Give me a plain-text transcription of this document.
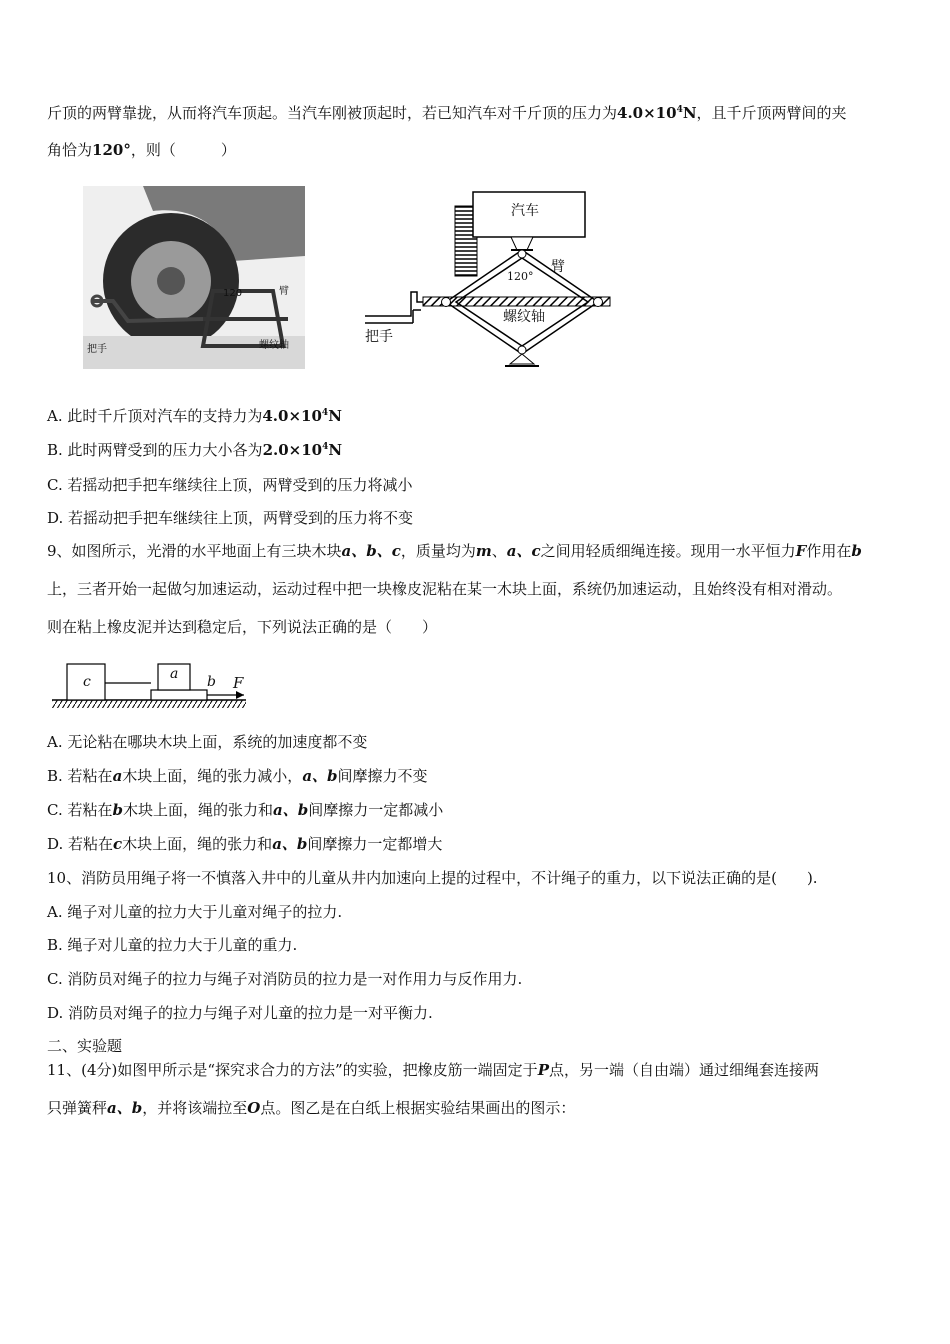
斤顶的两臂靠拢，从而将汽车顶起。当汽车刚被顶起时，若已知汽车对千斤顶的压力为$4.0\times 10^4N$，且千斤顶两臂间的夹
角恰为120°，则（　　　）
120	臂
螺纹轴
把手
汽车
臂
120°
螺纹轴
把手
A. 此时千斤顶对汽车的支持力为$4.0\times 10^4N$
B. 此时两臂受到的压力大小各为$2.0\times 10^4N$
C. 若摇动把手把车继续往上顶，两臂受到的压力将减小
D. 若摇动把手把车继续往上顶，两臂受到的压力将不变
9、如图所示，光滑的水平地面上有三块木块a、b、c，质量均为m、a、c之间用轻质细绳连接。现用一水平恒力F作用在b
上，三者开始一起做匀加速运动，运动过程中把一块橡皮泥粘在某一木块上面，系统仍加速运动，且始终没有相对滑动。
则在粘上橡皮泥并达到稳定后，下列说法正确的是（　　）
c	a b F
A. 无论粘在哪块木块上面，系统的加速度都不变
B. 若粘在a木块上面，绳的张力减小，a、b间摩擦力不变
C. 若粘在b木块上面，绳的张力和a、b间摩擦力一定都减小
D. 若粘在c木块上面，绳的张力和a、b间摩擦力一定都增大
10、消防员用绳子将一不慎落入井中的儿童从井内加速向上提的过程中，不计绳子的重力，以下说法正确的是(　　).
A. 绳子对儿童的拉力大于儿童对绳子的拉力.
B. 绳子对儿童的拉力大于儿童的重力.
C. 消防员对绳子的拉力与绳子对消防员的拉力是一对作用力与反作用力.
D. 消防员对绳子的拉力与绳子对儿童的拉力是一对平衡力.
二、实验题
11、(4分)如图甲所示是“探究求合力的方法”的实验，把橡皮筋一端固定于P点，另一端（自由端）通过细绳套连接两
只弹簧秤a、b，并将该端拉至O点。图乙是在白纸上根据实验结果画出的图示：
